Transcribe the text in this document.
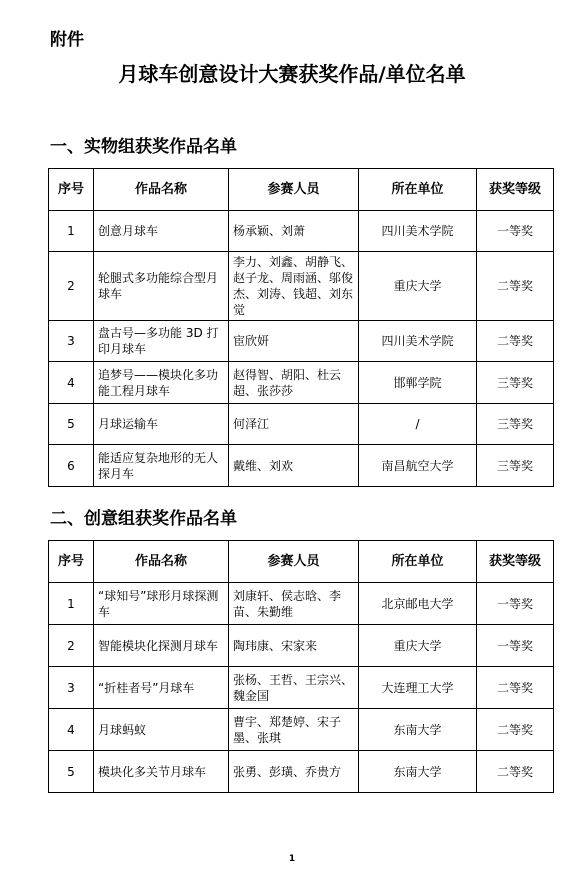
附件
月球车创意设计大赛获奖作品/单位名单
一、实物组获奖作品名单
序号	作品名称	参赛人员	所在单位	获奖等级
1	创意月球车	杨承颖、刘萧	四川美术学院	一等奖
2	轮腿式多功能综合型月球车	李力、刘鑫、胡静飞、赵子龙、周雨涵、邬俊杰、刘涛、钱超、刘东觉	重庆大学	二等奖
3	盘古号—多功能 3D 打印月球车	宦欣妍	四川美术学院	二等奖
4	追梦号——模块化多功能工程月球车	赵得智、胡阳、杜云超、张莎莎	邯郸学院	三等奖
5	月球运输车	何泽江	/	三等奖
6	能适应复杂地形的无人探月车	戴维、刘欢	南昌航空大学	三等奖
二、创意组获奖作品名单
序号	作品名称	参赛人员	所在单位	获奖等级
1	“球知号”球形月球探测车	刘康轩、侯志晗、李苗、朱勤维	北京邮电大学	一等奖
2	智能模块化探测月球车	陶玮康、宋家来	重庆大学	一等奖
3	“折桂者号”月球车	张杨、王哲、王宗兴、魏金国	大连理工大学	二等奖
4	月球蚂蚁	曹宇、郑楚婷、宋子墨、张琪	东南大学	二等奖
5	模块化多关节月球车	张勇、彭璜、乔贵方	东南大学	二等奖
1
